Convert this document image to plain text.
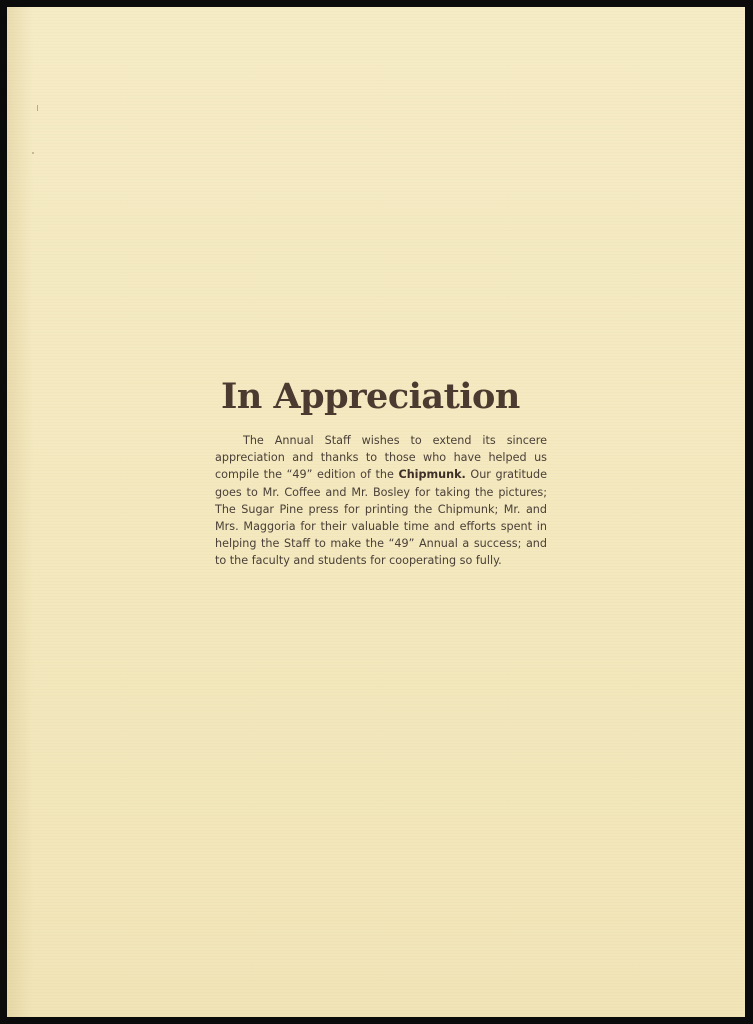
In Appreciation

The Annual Staff wishes to extend its sincere appreciation and thanks to those who have helped us compile the “49” edition of the Chipmunk. Our gratitude goes to Mr. Coffee and Mr. Bosley for taking the pictures; The Sugar Pine press for printing the Chipmunk; Mr. and Mrs. Maggoria for their valuable time and efforts spent in helping the Staff to make the “49” Annual a success; and to the faculty and students for cooperating so fully.
